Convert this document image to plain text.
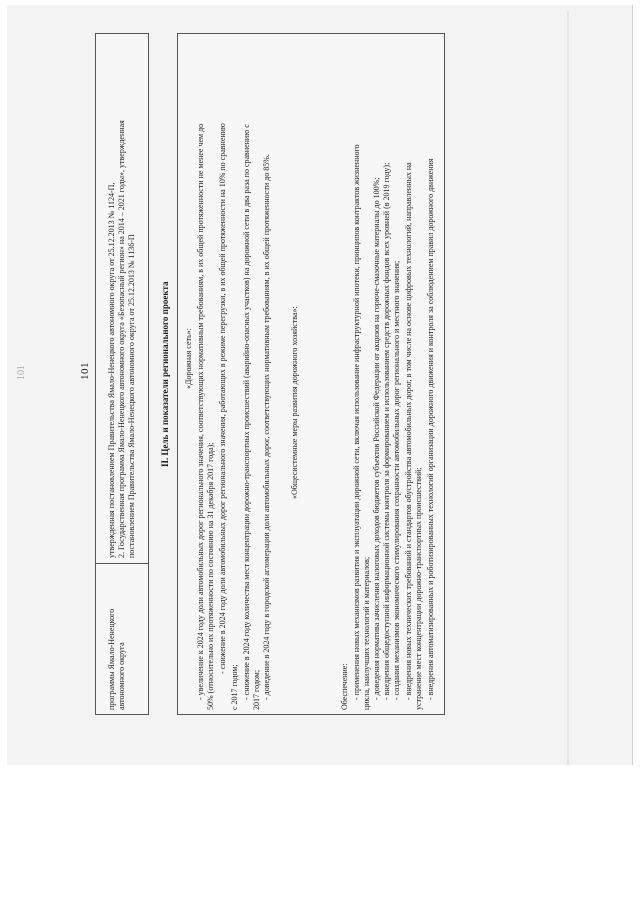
101
101
программы Ямало-Ненецкого автономного округа
утвержденная постановлением Правительства Ямало-Ненецкого автономного округа от 25.12.2013 № 1124-П, 2. Государственная программа Ямало-Ненецкого автономного округа «Безопасный регион» на 2014 – 2021 годы», утвержденная постановлением Правительства Ямало-Ненецкого автономного округа от 25.12.2013 № 1136-П	II. Цель и показатели регионального проекта «Дорожная сеть»: - увеличение к 2024 году доли автомобильных дорог регионального значения, соответствующих нормативным требованиям, в их общей протяженности не менее чем до 50% (относительно их протяженности по состоянию на 31 декабря 2017 года); - снижение в 2024 году доли автомобильных дорог регионального значения, работающих в режиме перегрузки, в их общей протяженности на 10% по сравнению
с 2017 годом; - снижение в 2024 году количества мест концентрации дорожно-транспортных происшествий (аварийно-опасных участков) на дорожной сети в два раза по сравнению с 2017 годом; - доведение в 2024 году в городской агломерации доли автомобильных дорог, соответствующих нормативным требованиям, в их общей протяженности до 85%. «Общесистемные меры развития дорожного хозяйства»:
Обеспечение: - применения новых механизмов развития и эксплуатации дорожной сети, включая использование инфраструктурной ипотеки, принципов контрактов жизненного цикла, наилучших технологий и материалов; - доведения норматива зачисления налоговых доходов бюджетов субъектов Российской Федерации от акцизов на горюче-смазочные материалы до 100%; - внедрения общедоступной информационной системы контроля за формированием и использованием средств дорожных фондов всех уровней (в 2019 году); - создания механизмов экономического стимулирования сохранности автомобильных дорог регионального и местного значения; - внедрения новых технических требований и стандартов обустройства автомобильных дорог, в том числе на основе цифровых технологий, направленных на устранение мест концентрации дорожно-транспортных происшествий; - внедрения автоматизированных и роботизированных технологий организации дорожного движения и контроля за соблюдением правил дорожного движения
